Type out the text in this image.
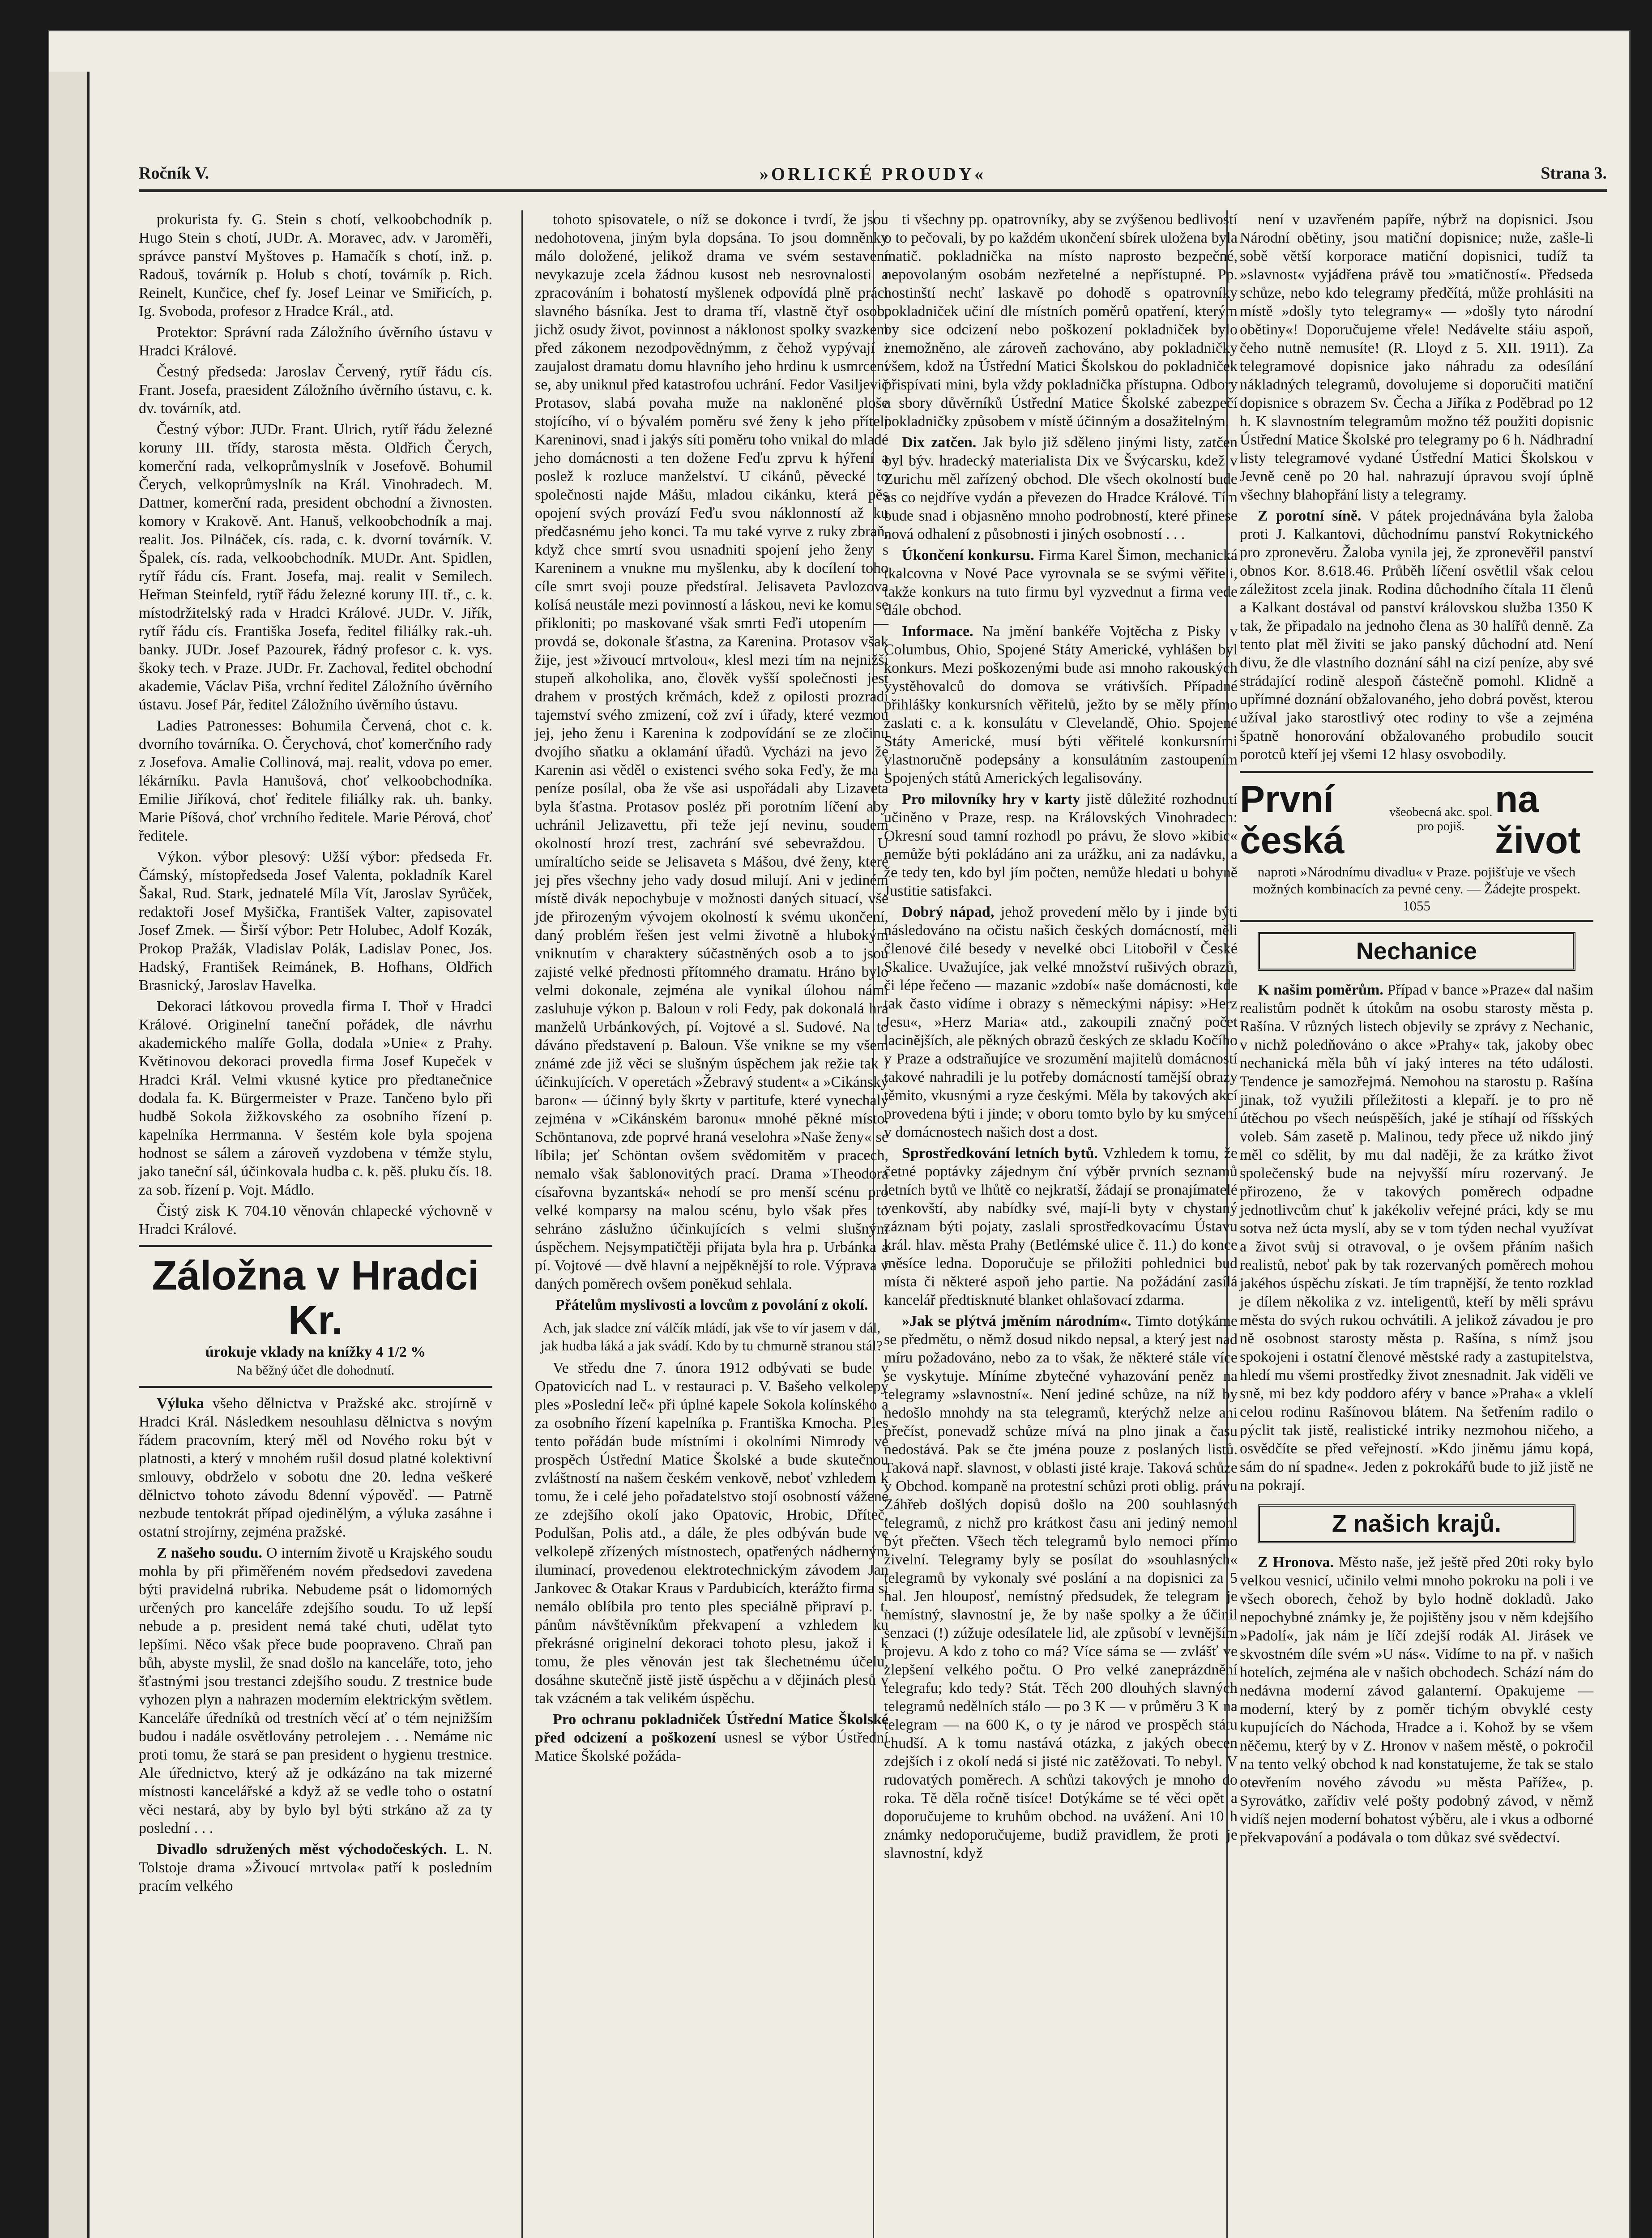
Ročník V.	»ORLICKÉ PROUDY«	Strana 3.

prokurista fy. G. Stein s chotí, velkoobchodník p. Hugo Stein s chotí, JUDr. A. Moravec, adv. v Jaroměři, správce panství Myštoves p. Hamačík s chotí, inž. p. Radouš, továrník p. Holub s chotí, továrník p. Rich. Reinelt, Kunčice, chef fy. Josef Leinar ve Smiřicích, p. Ig. Svoboda, profesor z Hradce Král., atd.

Protektor: Správní rada Záložního úvěrního ústavu v Hradci Králové.

Čestný předseda: Jaroslav Červený, rytíř řádu cís. Frant. Josefa, praesident Záložního úvěrního ústavu, c. k. dv. továrník, atd.

Čestný výbor: JUDr. Frant. Ulrich, rytíř řádu železné koruny III. třídy, starosta města. Oldřich Čerych, komerční rada, velkoprůmyslník v Josefově. Bohumil Čerych, velkoprůmyslník na Král. Vinohradech. M. Dattner, komerční rada, president obchodní a živnosten. komory v Krakově. Ant. Hanuš, velkoobchodník a maj. realit. Jos. Pilnáček, cís. rada, c. k. dvorní továrník. V. Špalek, cís. rada, velkoobchodník. MUDr. Ant. Spidlen, rytíř řádu cís. Frant. Josefa, maj. realit v Semilech. Heřman Steinfeld, rytíř řádu železné koruny III. tř., c. k. místodržitelský rada v Hradci Králové. JUDr. V. Jiřík, rytíř řádu cís. Františka Josefa, ředitel filiálky rak.-uh. banky. JUDr. Josef Pazourek, řádný profesor c. k. vys. škoky tech. v Praze. JUDr. Fr. Zachoval, ředitel obchodní akademie, Václav Piša, vrchní ředitel Záložního úvěrního ústavu. Josef Pár, ředitel Záložního úvěrního ústavu.

Ladies Patronesses: Bohumila Červená, chot c. k. dvorního továrníka. O. Čerychová, choť komerčního rady z Josefova. Amalie Collinová, maj. realit, vdova po emer. lékárníku. Pavla Hanušová, choť velkoobchodníka. Emilie Jiříková, choť ředitele filiálky rak. uh. banky. Marie Píšová, choť vrchního ředitele. Marie Pérová, choť ředitele.

Výkon. výbor plesový: Užší výbor: předseda Fr. Čámský, místopředseda Josef Valenta, pokladník Karel Šakal, Rud. Stark, jednatelé Míla Vít, Jaroslav Syrůček, redaktoři Josef Myšička, František Valter, zapisovatel Josef Zmek. — Širší výbor: Petr Holubec, Adolf Kozák, Prokop Pražák, Vladislav Polák, Ladislav Ponec, Jos. Hadský, František Reimánek, B. Hofhans, Oldřich Brasnický, Jaroslav Havelka.

Dekoraci látkovou provedla firma I. Thoř v Hradci Králové. Originelní taneční pořádek, dle návrhu akademického malíře Golla, dodala »Unie« z Prahy. Květinovou dekoraci provedla firma Josef Kupeček v Hradci Král. Velmi vkusné kytice pro předtanečnice dodala fa. K. Bürgermeister v Praze. Tančeno bylo při hudbě Sokola žižkovského za osobního řízení p. kapelníka Herrmanna. V šestém kole byla spojena hodnost se sálem a zároveň vyzdobena v témže stylu, jako taneční sál, účinkovala hudba c. k. pěš. pluku čís. 18. za sob. řízení p. Vojt. Mádlo.

Čistý zisk K 704.10 věnován chlapecké výchovně v Hradci Králové.

Záložna v Hradci Kr.
úrokuje vklady na knížky 4 1/2 %
Na běžný účet dle dohodnutí.

Výluka všeho dělnictva v Pražské akc. strojírně v Hradci Král. Následkem nesouhlasu dělnictva s novým řádem pracovním, který měl od Nového roku být v platnosti, a který v mnohém rušil dosud platné kolektivní smlouvy, obdrželo v sobotu dne 20. ledna veškeré dělnictvo tohoto závodu 8denní výpověď. — Patrně nezbude tentokrát případ ojedinělým, a výluka zasáhne i ostatní strojírny, zejména pražské.

Z našeho soudu. O interním životě u Krajského soudu mohla by při přiměřeném novém předsedovi zavedena býti pravidelná rubrika. Nebudeme psát o lidomorných určených pro kanceláře zdejšího soudu. To už lepší nebude a p. president nemá také chuti, udělat tyto lepšími. Něco však přece bude poopraveno. Chraň pan bůh, abyste myslil, že snad došlo na kanceláře, toto, jeho šťastnými jsou trestanci zdejšího soudu. Z trestnice bude vyhozen plyn a nahrazen moderním elektrickým světlem. Kanceláře úředníků od trestních věcí ať o tém nejnižším budou i nadále osvětlovány petrolejem . . . Nemáme nic proti tomu, že stará se pan president o hygienu trestnice. Ale úřednictvo, který až je odkázáno na tak mizerné místnosti kancelářské a když až se vedle toho o ostatní věci nestará, aby by bylo byl býti strkáno až za ty poslední . . .

Divadlo sdružených měst východočeských. L. N. Tolstoje drama »Živoucí mrtvola« patří k posledním pracím velkého

tohoto spisovatele, o níž se dokonce i tvrdí, že jsou nedohotovena, jiným byla dopsána. To jsou domněnky málo doložené, jelikož drama ve svém sestavení nevykazuje zcela žádnou kusost neb nesrovnalosti a zpracováním i bohatostí myšlenek odpovídá plně práci slavného básníka. Jest to drama tří, vlastně čtyř osob, jichž osudy život, povinnost a náklonost spolky svazkem před zákonem nezodpovědnýmm, z čehož vypývají i zaujalost dramatu domu hlavního jeho hrdinu k usmrcení se, aby uniknul před katastrofou uchrání. Fedor Vasiljevič Protasov, slabá povaha muže na nakloněné ploše stojícího, ví o bývalém poměru své ženy k jeho příteli Kareninovi, snad i jakýs síti poměru toho vnikal do mladé jeho domácnosti a ten dožene Feďu zprvu k hýření a poslež k rozluce manželství. U cikánů, pěvecké to společnosti najde Mášu, mladou cikánku, která pěs opojení svých provází Feďu svou náklonností až ku předčasnému jeho konci. Ta mu také vyrve z ruky zbraň, když chce smrtí svou usnadniti spojení jeho ženy s Kareninem a vnukne mu myšlenku, aby k docílení toho cíle smrt svoji pouze předstíral. Jelisaveta Pavlozova kolísá neustále mezi povinností a láskou, nevi ke komu se přikloniti; po maskované však smrti Feďi utopením — provdá se, dokonale šťastna, za Karenina. Protasov však žije, jest »živoucí mrtvolou«, klesl mezi tím na nejnižší stupeň alkoholika, ano, člověk vyšší společnosti jest drahem v prostých krčmách, kdež z opilosti prozradí tajemství svého zmizení, což zví i úřady, které vezmou jej, jeho ženu i Karenina k zodpovídání se ze zločinu dvojího sňatku a oklamání úřadů. Vycházi na jevo že Karenin asi věděl o existenci svého soka Feďy, že ma i peníze posílal, oba že vše asi uspořádali aby Lizaveta byla šťastna. Protasov posléz při porotním líčení aby uchránil Jelizavettu, při teže její nevinu, soudem okolností hrozí trest, zachrání své sebevraždou. U umíraltícho seide se Jelisaveta s Mášou, dvé ženy, které jej přes všechny jeho vady dosud milují. Ani v jediném místě divák nepochybuje v možnosti daných situací, vše jde přirozeným vývojem okolností k svému ukončení, daný problém řešen jest velmi životně a hlubokým vniknutím v charaktery súčastněných osob a to jsou zajisté velké přednosti přítomného dramatu. Hráno bylo velmi dokonale, zejména ale vynikal úlohou námi zasluhuje výkon p. Baloun v roli Fedy, pak dokonalá hra manželů Urbánkových, pí. Vojtové a sl. Sudové. Na to dáváno představení p. Baloun. Vše vnikne se my všem známé zde již věci se slušným úspěchem jak režie tak i účinkujících. V operetách »Žebravý student« a »Cikánský baron« — účinný byly škrty v partitufe, které vynechaly zejména v »Cikánském baronu« mnohé pěkné místo. Schöntanova, zde poprvé hraná veselohra »Naše ženy« se líbila; jeť Schöntan ovšem svědomitěm v pracech, nemalo však šablonovitých prací. Drama »Theodora císařovna byzantská« nehodí se pro menší scénu pro velké komparsy na malou scénu, bylo však přes to sehráno záslužno účinkujících s velmi slušným úspěchem. Nejsympatičtěji přijata byla hra p. Urbánka a pí. Vojtové — dvě hlavní a nejpěknější to role. Výprava v daných poměrech ovšem poněkud sehlala.

Přátelům myslivosti a lovcům z povolání z okolí.
Ach, jak sladce zní válčík mládí, jak vše to vír jasem v dál, jak hudba láká a jak svádí. Kdo by tu chmurně stranou stál?

Ve středu dne 7. února 1912 odbývati se bude v Opatovicích nad L. v restauraci p. V. Bašeho velkolepý ples »Poslední leč« při úplné kapele Sokola kolínského a za osobního řízení kapelníka p. Františka Kmocha. Ples tento pořádán bude místními i okolními Nimrody ve prospěch Ústřední Matice Školské a bude skutečnou zvláštností na našem českém venkově, neboť vzhledem k tomu, že i celé jeho pořadatelstvo stojí osobností vážené ze zdejšího okolí jako Opatovic, Hrobic, Dříteč, Podulšan, Polis atd., a dále, že ples odbýván bude ve velkolepě zřízených místnostech, opatřených nádherným iluminací, provedenou elektrotechnickým závodem Jan Jankovec & Otakar Kraus v Pardubicích, kterážto firma si nemálo oblíbila pro tento ples speciálně připraví p. t. pánům návštěvníkům překvapení a vzhledem ku překrásné originelní dekoraci tohoto plesu, jakož i k tomu, že ples věnován jest tak šlechetnému účelu, dosáhne skutečně jistě jistě úspěchu a v dějinách plesů v tak vzácném a tak velikém úspěchu.

Pro ochranu pokladniček Ústřední Matice Školské před odcizení a poškození usnesl se výbor Ústřední Matice Školské požáda-

ti všechny pp. opatrovníky, aby se zvýšenou bedlivostí o to pečovali, by po každém ukončení sbírek uložena byla matič. pokladnička na místo naprosto bezpečné, nepovolaným osobám nezřetelné a nepřístupné. Pp. hostinští nechť laskavě po dohodě s opatrovníky pokladniček učiní dle místních poměrů opatření, kterým by sice odcizení nebo poškození pokladniček bylo znemožněno, ale zároveň zachováno, aby pokladničky všem, kdož na Ústřední Matici Školskou do pokladniček přispívati mini, byla vždy pokladnička přístupna. Odbory a sbory důvěrníků Ústřední Matice Školské zabezpečí pokladničky způsobem v místě účinným a dosažitelným.

Dix zatčen. Jak bylo již sděleno jinými listy, zatčen byl býv. hradecký materialista Dix ve Švýcarsku, kdež v Zurichu měl zařízený obchod. Dle všech okolností bude as co nejdříve vydán a převezen do Hradce Králové. Tím bude snad i objasněno mnoho podrobností, které přinese nová odhalení z působnosti i jiných osobností . . .

Úkončení konkursu. Firma Karel Šimon, mechanická tkalcovna v Nové Pace vyrovnala se se svými věřiteli, takže konkurs na tuto firmu byl vyzvednut a firma vede dále obchod.

Informace. Na jmění bankéře Vojtěcha z Pisky v Columbus, Ohio, Spojené Státy Americké, vyhlášen byl konkurs. Mezi poškozenými bude asi mnoho rakouských vystěhovalců do domova se vrátivších. Případné přihlášky konkursních věřitelů, ježto by se měly přímo zaslati c. a k. konsulátu v Clevelandě, Ohio. Spojené Státy Americké, musí býti věřitelé konkursními vlastnoručně podepsány a konsulátním zastoupením Spojených států Amerických legalisovány.

Pro milovníky hry v karty jistě důležité rozhodnutí učiněno v Praze, resp. na Královských Vinohradech: Okresní soud tamní rozhodl po právu, že slovo »kibic« nemůže býti pokládáno ani za urážku, ani za nadávku, a že tedy ten, kdo byl jím počten, nemůže hledati u bohyně Justitie satisfakci.

Dobrý nápad, jehož provedení mělo by i jinde býti následováno na očistu našich českých domácností, měli členové čilé besedy v nevelké obci Litobořil v České Skalice. Uvažujíce, jak velké množství rušivých obrazů, či lépe řečeno — mazanic »zdobí« naše domácnosti, kde tak často vidíme i obrazy s německými nápisy: »Herz Jesu«, »Herz Maria« atd., zakoupili značný počet lacinějších, ale pěkných obrazů českých ze skladu Kočího v Praze a odstraňujíce ve srozumění majitelů domácností takové nahradili je lu potřeby domácností tamější obrazy těmito, vkusnými a ryze českými. Měla by takových akcí provedena býti i jinde; v oboru tomto bylo by ku smýcení v domácnostech našich dost a dost.

Sprostředkování letních bytů. Vzhledem k tomu, že četné poptávky zájednym ční výběr prvních seznamů letních bytů ve lhůtě co nejkratší, žádají se pronajímatelé venkovští, aby nabídky své, mají-li byty v chystaný záznam býti pojaty, zaslali sprostředkovacímu Ústavu král. hlav. města Prahy (Betlémské ulice č. 11.) do konce měsíce ledna. Doporučuje se přiložiti pohlednici bud místa či některé aspoň jeho partie. Na požádání zasílá kancelář předtisknuté blanket ohlašovací zdarma.

»Jak se plýtvá jměním národním«. Timto dotýkáme se předmětu, o němž dosud nikdo nepsal, a který jest nad míru požadováno, nebo za to však, že některé stále více se vyskytuje. Míníme zbytečné vyhazování peněz na telegramy »slavnostní«. Není jediné schůze, na níž by nedošlo mnohdy na sta telegramů, kterýchž nelze ani přečíst, ponevadž schůze mívá na plno jinak a času nedostává. Pak se čte jména pouze z poslaných listů. Taková např. slavnost, v oblasti jisté kraje. Taková schůze v Obchod. kompaně na protestní schůzi proti oblig. právu Záhřeb došlých dopisů došlo na 200 souhlasných telegramů, z nichž pro krátkost času ani jediný nemohl být přečten. Všech těch telegramů bylo nemoci přímo živelní. Telegramy byly se posílat do »souhlasných« telegramů by vykonaly své poslání a na dopisnici za 5 hal. Jen hlouposť, nemístný předsudek, že telegram je nemístný, slavnostní je, že by naše spolky a že účinil senzaci (!) zúžuje odesílatele lid, ale způsobí v levnějším projevu. A kdo z toho co má? Více sáma se — zvlášť ve zlepšení velkého počtu. O Pro velké zaneprázdnění telegrafu; kdo tedy? Stát. Těch 200 dlouhých slavných telegramů nedělních stálo — po 3 K — v průměru 3 K na telegram — na 600 K, o ty je národ ve prospěch státu chudší. A k tomu nastává otázka, z jakých obecen zdejších i z okolí nedá si jisté nic zatěžovati. To nebyl. V rudovatých poměrech. A schůzi takových je mnoho do roka. Tě děla ročně tisíce! Dotýkáme se té věci opět a doporučujeme to kruhům obchod. na uvážení. Ani 10 h známky nedoporučujeme, budiž pravidlem, že proti je slavnostní, když

není v uzavřeném papíře, nýbrž na dopisnici. Jsou Národní obětiny, jsou matiční dopisnice; nuže, zašle-li sobě větší korporace matiční dopisnici, tudíž ta »slavnost« vyjádřena právě tou »matičností«. Předseda schůze, nebo kdo telegramy předčítá, může prohlásiti na místě »došly tyto telegramy« — »došly tyto národní obětiny«! Doporučujeme vřele! Nedávelte stáiu aspoň, čeho nutně nemusíte! (R. Lloyd z 5. XII. 1911). Za telegramové dopisnice jako náhradu za odesílání nákladných telegramů, dovolujeme si doporučiti matiční dopisnice s obrazem Sv. Čecha a Jiříka z Poděbrad po 12 h. K slavnostním telegramům možno též použiti dopisnic Ústřední Matice Školské pro telegramy po 6 h. Nádhradní listy telegramové vydané Ústřední Matici Školskou v Jevně ceně po 20 hal. nahrazují úpravou svojí úplně všechny blahopřání listy a telegramy.

Z porotní síně. V pátek projednávána byla žaloba proti J. Kalkantovi, důchodnímu panství Rokytnického pro zpronevěru. Žaloba vynila jej, že zpronevěřil panství obnos Kor. 8.618.46. Průběh líčení osvětlil však celou záležitost zcela jinak. Rodina důchodního čítala 11 členů a Kalkant dostával od panství královskou služba 1350 K tak, že připadalo na jednoho člena as 30 halířů denně. Za tento plat měl živiti se jako panský důchodní atd. Není divu, že dle vlastního doznání sáhl na cizí peníze, aby své strádající rodině alespoň částečně pomohl. Klidně a upřímné doznání obžalovaného, jeho dobrá pověst, kterou užíval jako starostlivý otec rodiny to vše a zejména špatně honorování obžalovaného probudilo soucit porotců kteří jej všemi 12 hlasy osvobodily.

První česká
všeobecná akc. spol. pro pojiš.
na život
naproti »Národnímu divadlu« v Praze. pojišťuje ve všech možných kombinacích za pevné ceny. — Žádejte prospekt. 1055
Nechanice

K našim poměrům. Případ v bance »Praze« dal našim realistům podnět k útokům na osobu starosty města p. Rašína. V různých listech objevily se zprávy z Nechanic, v nichž poledňováno o akce »Prahy« tak, jakoby obec nechanická měla bůh ví jaký interes na této události. Tendence je samozřejmá. Nemohou na starostu p. Rašína jinak, tož využili příležitosti a klepaří. je to pro ně útěchou po všech neúspěších, jaké je stíhají od říšských voleb. Sám zasetě p. Malinou, tedy přece už nikdo jiný měl co sdělit, by mu dal naději, že za krátko život společenský bude na nejvyšší míru rozervaný. Je přirozeno, že v takových poměrech odpadne jednotlivcům chuť k jakékoliv veřejné práci, kdy se mu sotva než úcta myslí, aby se v tom týden nechal využívat a život svůj si otravoval, o je ovšem přáním našich realistů, neboť pak by tak rozervaných poměrech mohou jakéhos úspěchu získati. Je tím trapnější, že tento rozklad je dílem několika z vz. inteligentů, kteří by měli správu města do svých rukou ochvátili. A jelikož závadou je pro ně osobnost starosty města p. Rašína, s nímž jsou spokojeni i ostatní členové městské rady a zastupitelstva, hledí mu všemi prostředky život znesnadnit. Jak viděli ve sně, mi bez kdy poddoro aféry v bance »Praha« a vklelí celou rodinu Rašínovou blátem. Na šetřením radilo o pýclit tak jistě, realistické intriky nezmohou ničeho, a osvědčíte se před veřejností. »Kdo jiněmu jámu kopá, sám do ní spadne«. Jeden z pokrokářů bude to již jistě ne na pokrají.

Z našich krajů.

Z Hronova. Město naše, jež ještě před 20ti roky bylo velkou vesnicí, učinilo velmi mnoho pokroku na poli i ve všech oborech, čehož by bylo hodně dokladů. Jako nepochybné známky je, že pojištěny jsou v něm kdejšího »Padolí«, jak nám je líčí zdejší rodák Al. Jirásek ve skvostném díle svém »U nás«. Vidíme to na př. v našich hotelích, zejména ale v našich obchodech. Schází nám do nedávna moderní závod galanterní. Opakujeme — moderní, který by z poměr tichým obvyklé cesty kupujících do Náchoda, Hradce a i. Kohož by se všem něčemu, který by v Z. Hronov v našem městě, o pokročil na tento velký obchod k nad konstatujeme, že tak se stalo otevřením nového závodu »u města Paříže«, p. Syrovátko, zařídiv velé pošty podobný závod, v němž vidíš nejen moderní bohatost výběru, ale i vkus a odborné překvapování a podávala o tom důkaz své svědectví.
